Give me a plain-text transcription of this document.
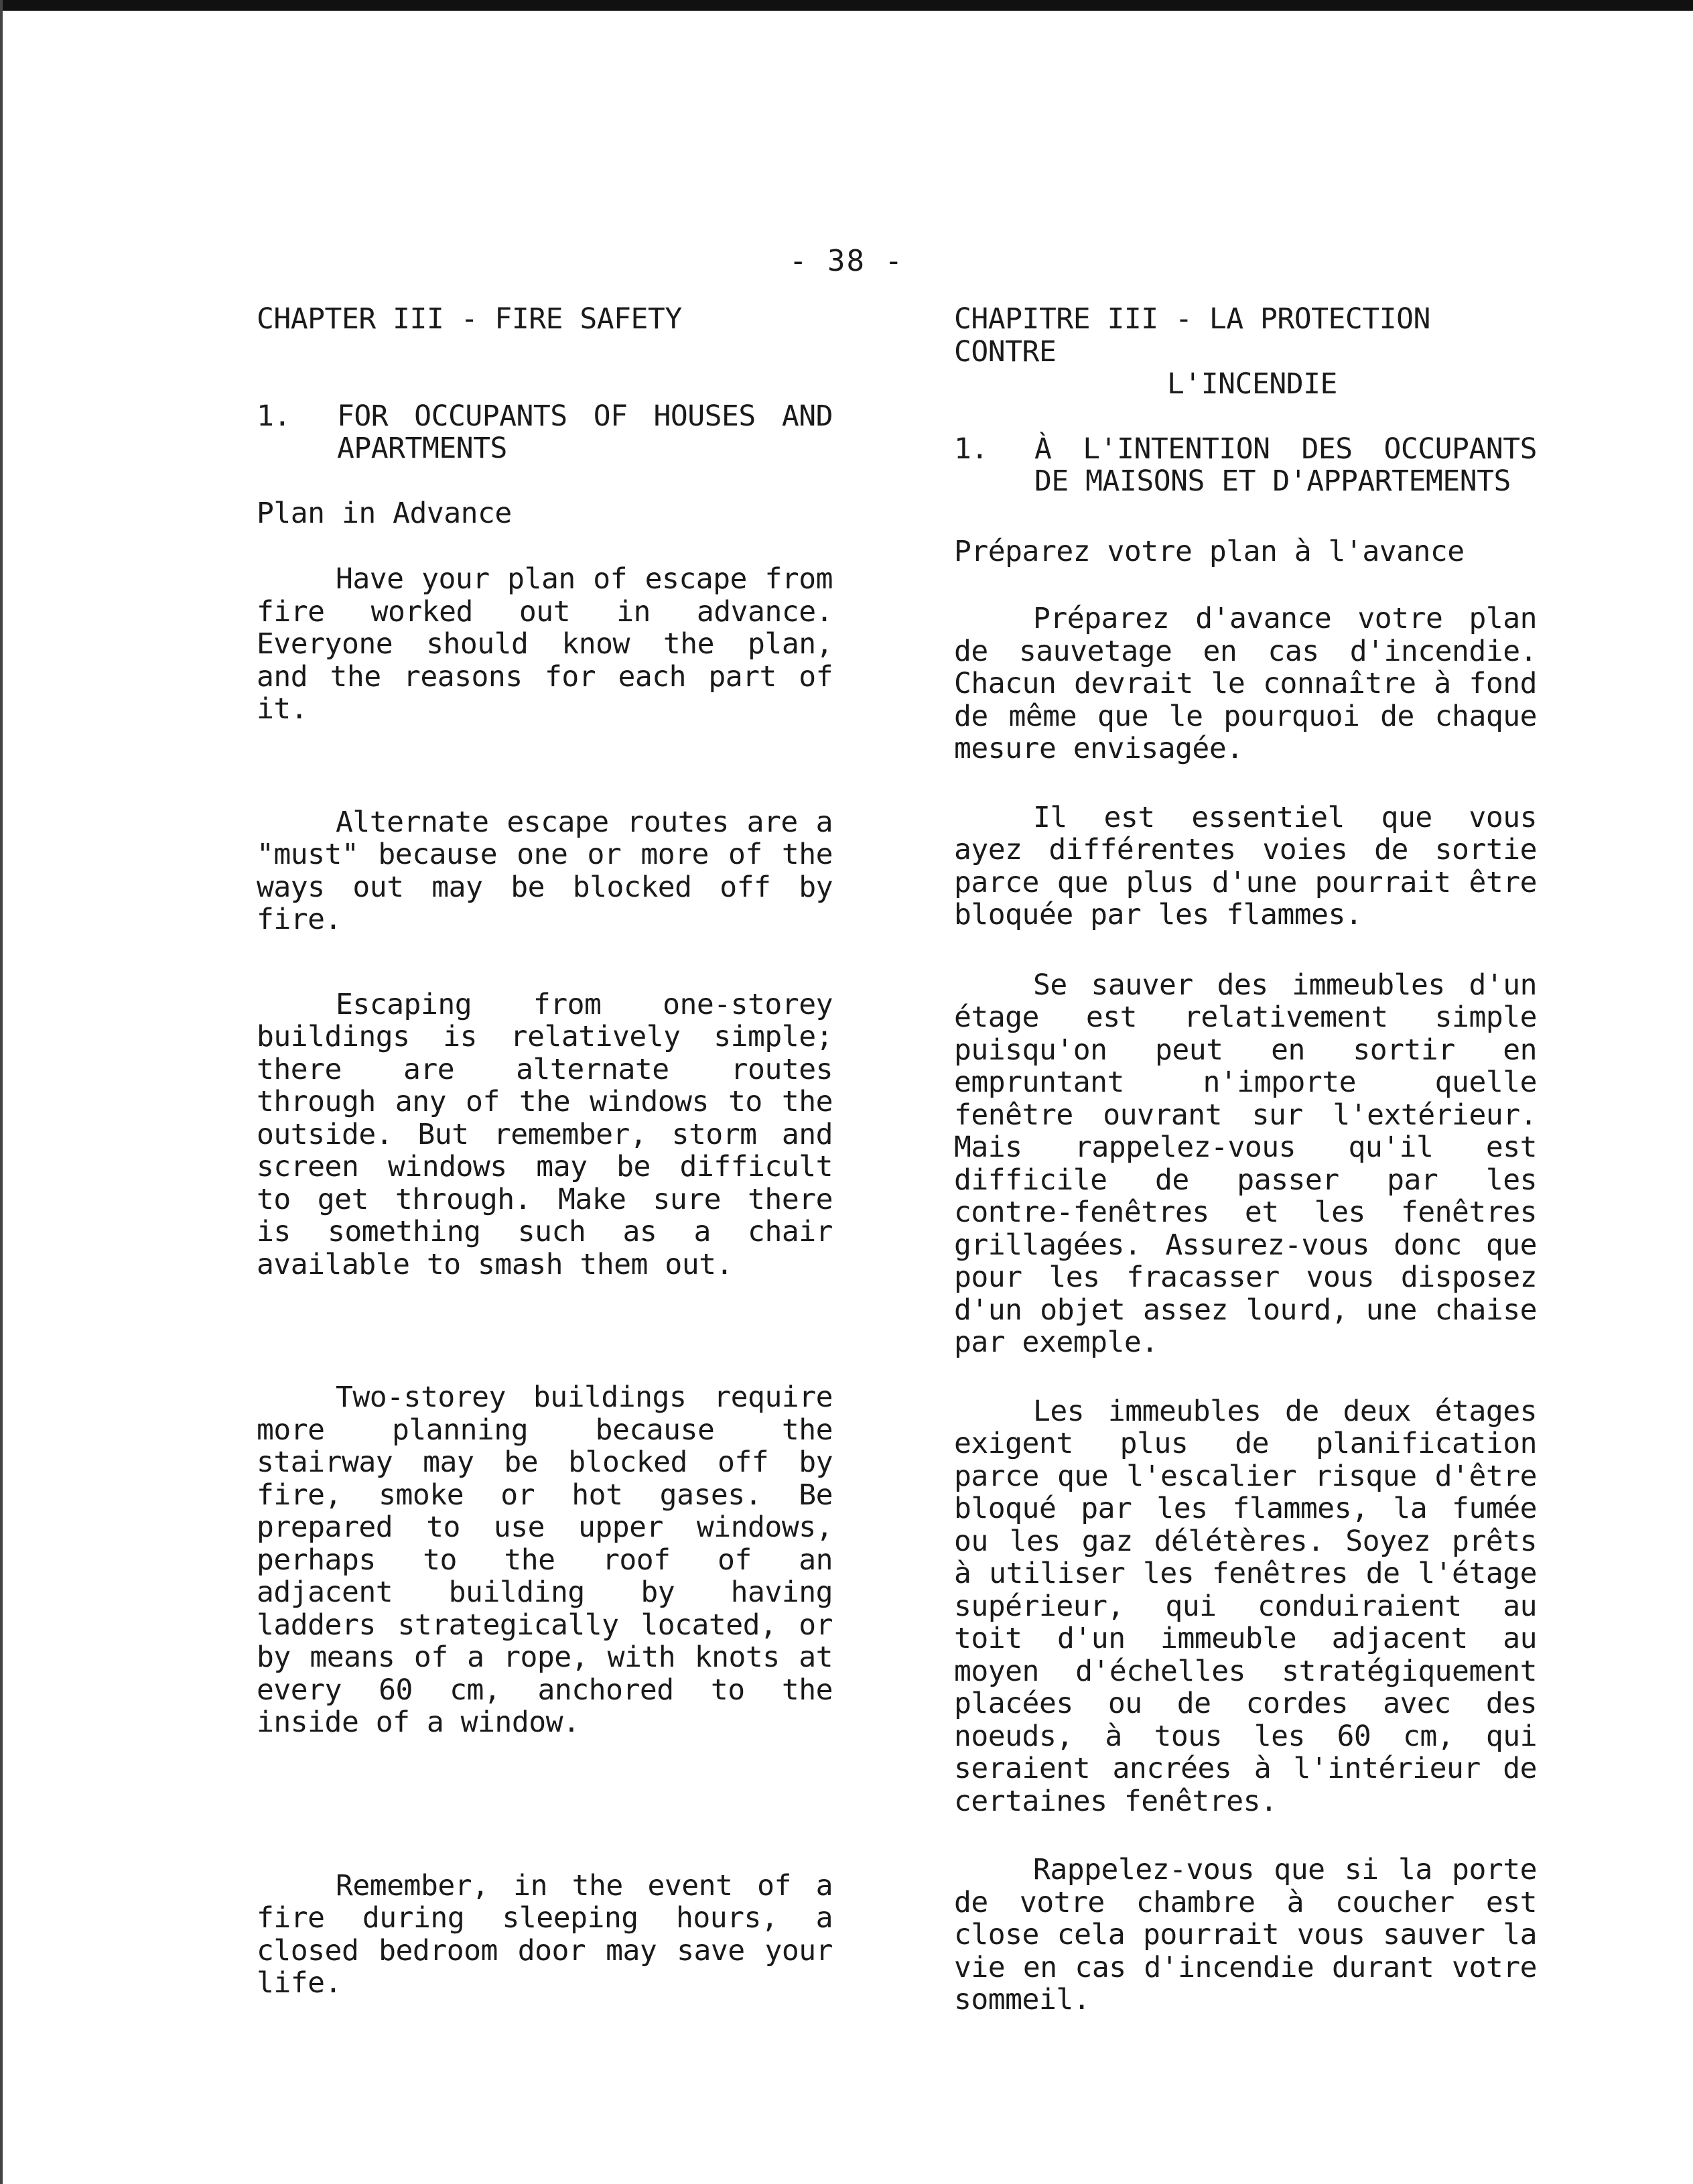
- 38 -
CHAPTER III - FIRE SAFETY
1.	FOR OCCUPANTS OF HOUSES AND APARTMENTS
Plan in Advance

Have your plan of escape from fire worked out in advance. Everyone should know the plan, and the reasons for each part of it.

Alternate escape routes are a "must" because one or more of the ways out may be blocked off by fire.

Escaping from one-storey buildings is relatively simple; there are alternate routes through any of the windows to the outside. But remember, storm and screen windows may be difficult to get through. Make sure there is something such as a chair available to smash them out.

Two-storey buildings require more planning because the stairway may be blocked off by fire, smoke or hot gases. Be prepared to use upper windows, perhaps to the roof of an adjacent building by having ladders strategically located, or by means of a rope, with knots at every 60 cm, anchored to the inside of a window.

Remember, in the event of a fire during sleeping hours, a closed bedroom door may save your life.

CHAPITRE III - LA PROTECTION CONTRE
L'INCENDIE
1.	À L'INTENTION DES OCCUPANTS DE MAISONS ET D'APPARTEMENTS
Préparez votre plan à l'avance

Préparez d'avance votre plan de sauvetage en cas d'incendie. Chacun devrait le connaître à fond de même que le pourquoi de chaque mesure envisagée.

Il est essentiel que vous ayez différentes voies de sortie parce que plus d'une pourrait être bloquée par les flammes.

Se sauver des immeubles d'un étage est relativement simple puisqu'on peut en sortir en empruntant n'importe quelle fenêtre ouvrant sur l'extérieur. Mais rappelez-vous qu'il est difficile de passer par les contre-fenêtres et les fenêtres grillagées. Assurez-vous donc que pour les fracasser vous disposez d'un objet assez lourd, une chaise par exemple.

Les immeubles de deux étages exigent plus de planification parce que l'escalier risque d'être bloqué par les flammes, la fumée ou les gaz délétères. Soyez prêts à utiliser les fenêtres de l'étage supérieur, qui conduiraient au toit d'un immeuble adjacent au moyen d'échelles stratégiquement placées ou de cordes avec des noeuds, à tous les 60 cm, qui seraient ancrées à l'intérieur de certaines fenêtres.

Rappelez-vous que si la porte de votre chambre à coucher est close cela pourrait vous sauver la vie en cas d'incendie durant votre sommeil.
